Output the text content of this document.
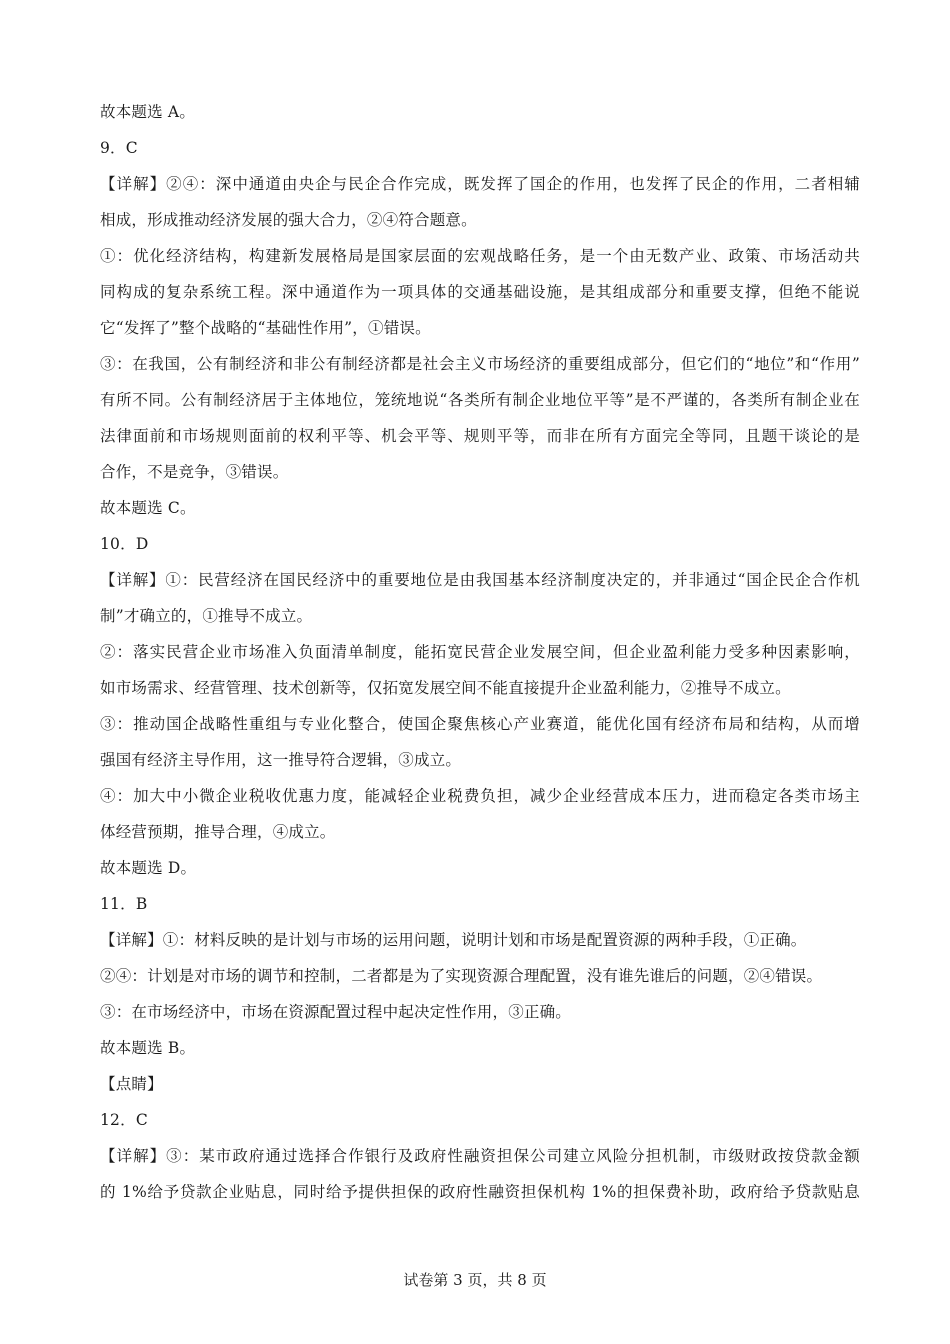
试卷第 3 页，共 8 页
故本题选 A。
9．C
【详解】②④：深中通道由央企与民企合作完成，既发挥了国企的作用，也发挥了民企的作用，二者相辅
相成，形成推动经济发展的强大合力，②④符合题意。
①：优化经济结构，构建新发展格局是国家层面的宏观战略任务，是一个由无数产业、政策、市场活动共
同构成的复杂系统工程。深中通道作为一项具体的交通基础设施，是其组成部分和重要支撑，但绝不能说
它“发挥了”整个战略的“基础性作用”，①错误。
③：在我国，公有制经济和非公有制经济都是社会主义市场经济的重要组成部分，但它们的“地位”和“作用”
有所不同。公有制经济居于主体地位，笼统地说“各类所有制企业地位平等”是不严谨的，各类所有制企业在
法律面前和市场规则面前的权利平等、机会平等、规则平等，而非在所有方面完全等同，且题干谈论的是
合作，不是竞争，③错误。
故本题选 C。
10．D
【详解】①：民营经济在国民经济中的重要地位是由我国基本经济制度决定的，并非通过“国企民企合作机
制”才确立的，①推导不成立。
②：落实民营企业市场准入负面清单制度，能拓宽民营企业发展空间，但企业盈利能力受多种因素影响，
如市场需求、经营管理、技术创新等，仅拓宽发展空间不能直接提升企业盈利能力，②推导不成立。
③：推动国企战略性重组与专业化整合，使国企聚焦核心产业赛道，能优化国有经济布局和结构，从而增
强国有经济主导作用，这一推导符合逻辑，③成立。
④：加大中小微企业税收优惠力度，能减轻企业税费负担，减少企业经营成本压力，进而稳定各类市场主
体经营预期，推导合理，④成立。
故本题选 D。
11．B
【详解】①：材料反映的是计划与市场的运用问题，说明计划和市场是配置资源的两种手段，①正确。
②④：计划是对市场的调节和控制，二者都是为了实现资源合理配置，没有谁先谁后的问题，②④错误。
③：在市场经济中，市场在资源配置过程中起决定性作用，③正确。
故本题选 B。
【点睛】
12．C
【详解】③：某市政府通过选择合作银行及政府性融资担保公司建立风险分担机制，市级财政按贷款金额
的 1%给予贷款企业贴息，同时给予提供担保的政府性融资担保机构 1%的担保费补助，政府给予贷款贴息
